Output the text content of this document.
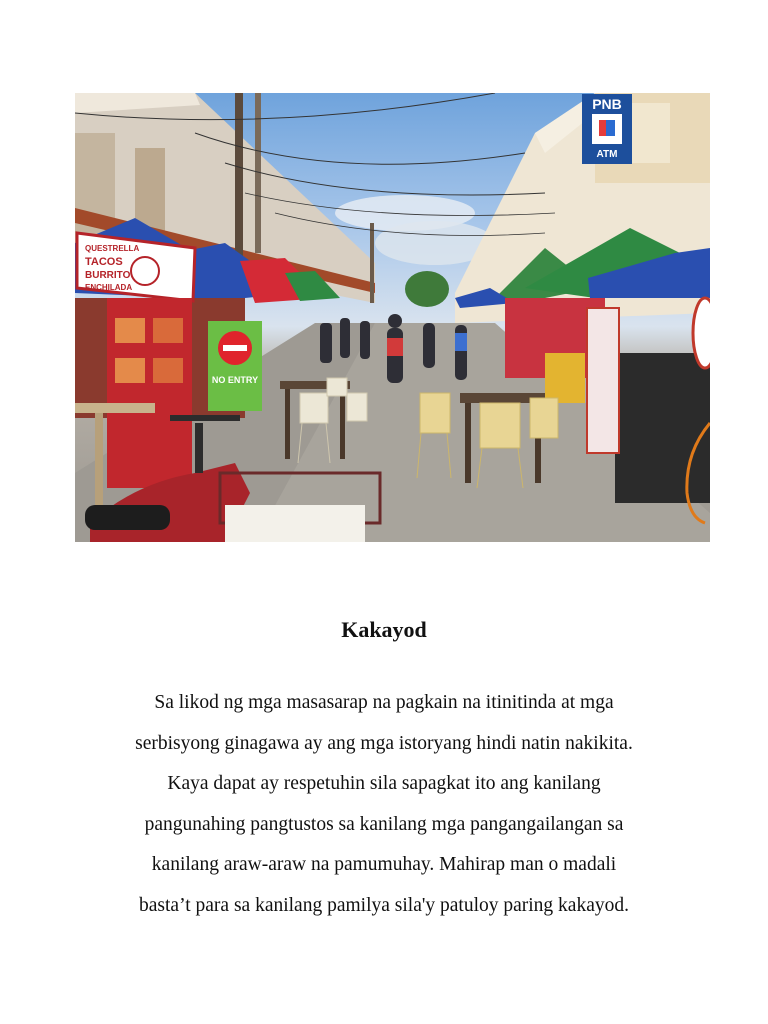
PNB
ATM
QUESTRELLA
TACOS
BURRITO
ENCHILADA
NO ENTRY
Kakayod

Sa likod ng mga masasarap na pagkain na itinitinda at mga

serbisyong ginagawa ay ang mga istoryang hindi natin nakikita.

Kaya dapat ay respetuhin sila sapagkat ito ang kanilang

pangunahing pangtustos sa kanilang mga pangangailangan sa

kanilang araw-araw na pamumuhay. Mahirap man o madali

basta’t para sa kanilang pamilya sila'y patuloy paring kakayod.
